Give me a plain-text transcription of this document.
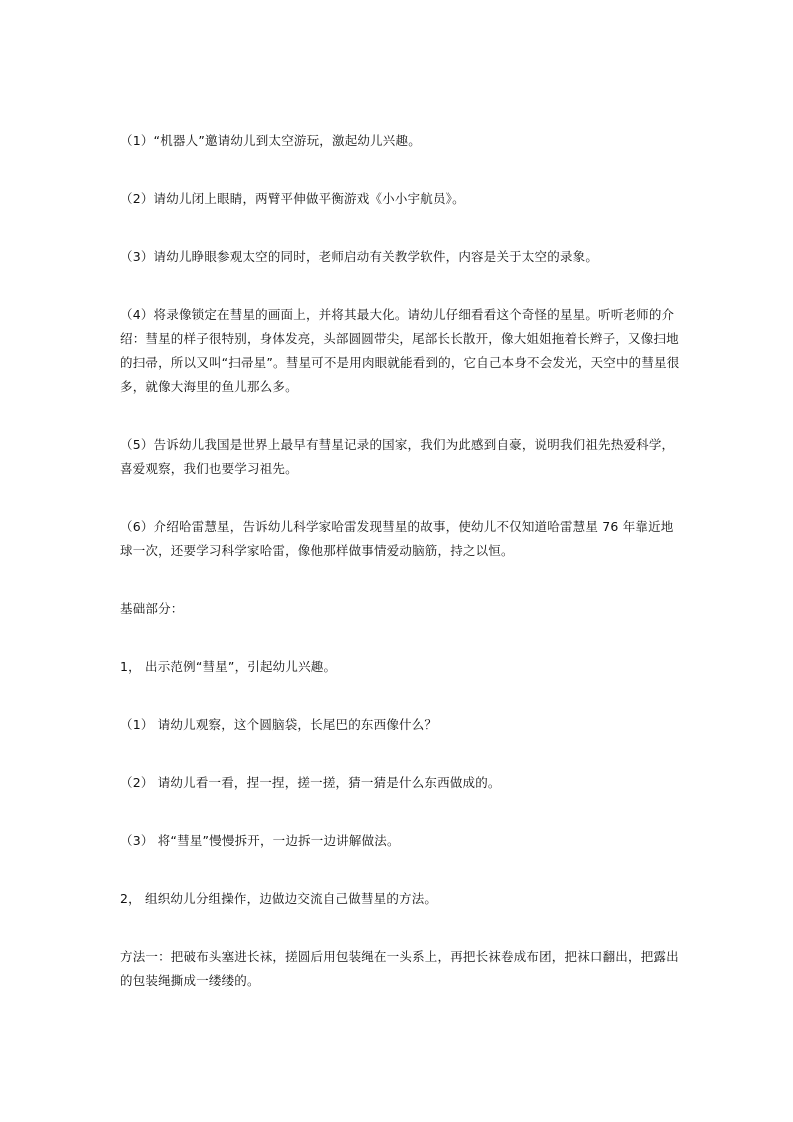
（1）“机器人”邀请幼儿到太空游玩，激起幼儿兴趣。

（2）请幼儿闭上眼睛，两臂平伸做平衡游戏《小小宇航员》。

（3）请幼儿睁眼参观太空的同时，老师启动有关教学软件，内容是关于太空的录象。

（4）将录像锁定在彗星的画面上，并将其最大化。请幼儿仔细看看这个奇怪的星星。听听老师的介绍：彗星的样子很特别，身体发亮，头部圆圆带尖，尾部长长散开，像大姐姐拖着长辫子，又像扫地的扫帚，所以又叫“扫帚星”。彗星可不是用肉眼就能看到的，它自己本身不会发光，天空中的彗星很多，就像大海里的鱼儿那么多。

（5）告诉幼儿我国是世界上最早有彗星记录的国家，我们为此感到自豪，说明我们祖先热爱科学，喜爱观察，我们也要学习祖先。

（6）介绍哈雷慧星，告诉幼儿科学家哈雷发现彗星的故事，使幼儿不仅知道哈雷慧星 76 年靠近地球一次，还要学习科学家哈雷，像他那样做事情爱动脑筋，持之以恒。

基础部分：

1， 出示范例“彗星”，引起幼儿兴趣。

（1） 请幼儿观察，这个圆脑袋，长尾巴的东西像什么？

（2） 请幼儿看一看，捏一捏，搓一搓，猜一猜是什么东西做成的。

（3） 将“彗星”慢慢拆开，一边拆一边讲解做法。

2， 组织幼儿分组操作，边做边交流自己做彗星的方法。

方法一：把破布头塞进长袜，搓圆后用包装绳在一头系上，再把长袜卷成布团，把袜口翻出，把露出的包装绳撕成一缕缕的。
